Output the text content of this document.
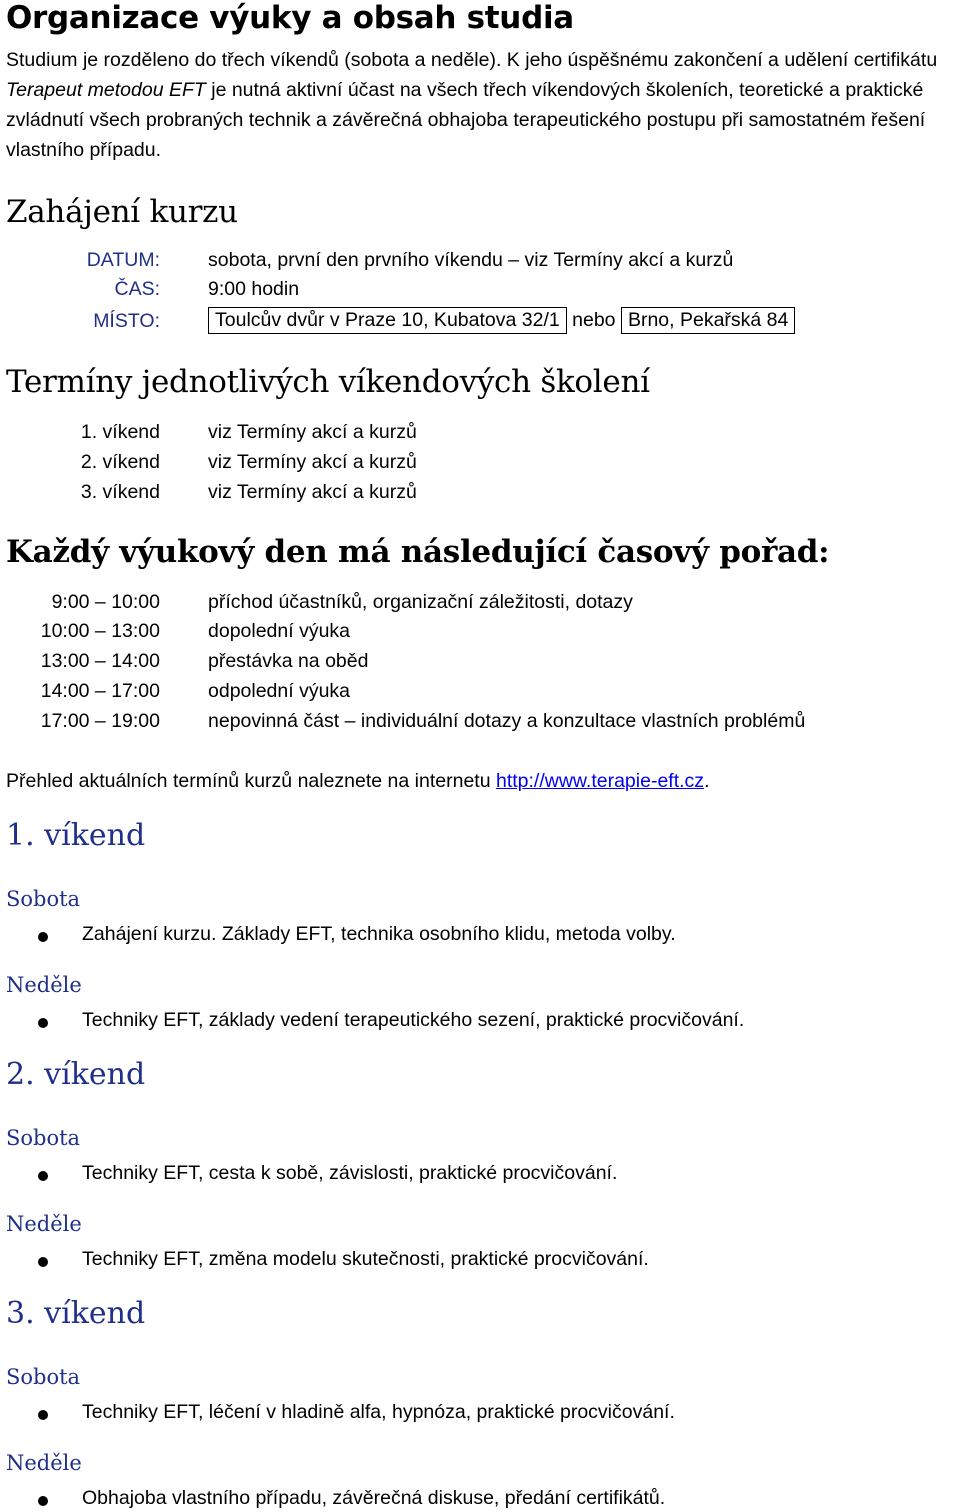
Organizace výuky a obsah studia
Studium je rozděleno do třech víkendů (sobota a neděle). K jeho úspěšnému zakončení a udělení certifikátu Terapeut metodou EFT je nutná aktivní účast na všech třech víkendových školeních, teoretické a praktické zvládnutí všech probraných technik a závěrečná obhajoba terapeutického postupu při samostatném řešení vlastního případu.
Zahájení kurzu
DATUM: sobota, první den prvního víkendu – viz Termíny akcí a kurzů
ČAS: 9:00 hodin
MÍSTO:	Toulcův dvůr v Praze 10, Kubatova 32/1 nebo Brno, Pekařská 84
Termíny jednotlivých víkendových školení
1. víkend viz Termíny akcí a kurzů
2. víkend viz Termíny akcí a kurzů
3. víkend viz Termíny akcí a kurzů
Každý výukový den má následující časový pořad:
9:00 – 10:00 příchod účastníků, organizační záležitosti, dotazy
10:00 – 13:00 dopolední výuka
13:00 – 14:00 přestávka na oběd
14:00 – 17:00 odpolední výuka
17:00 – 19:00 nepovinná část – individuální dotazy a konzultace vlastních problémů
Přehled aktuálních termínů kurzů naleznete na internetu http://www.terapie-eft.cz.
1. víkend
Sobota
Zahájení kurzu. Základy EFT, technika osobního klidu, metoda volby.
Neděle
Techniky EFT, základy vedení terapeutického sezení, praktické procvičování.
2. víkend
Sobota
Techniky EFT, cesta k sobě, závislosti, praktické procvičování.
Neděle
Techniky EFT, změna modelu skutečnosti, praktické procvičování.
3. víkend
Sobota
Techniky EFT, léčení v hladině alfa, hypnóza, praktické procvičování.
Neděle
Obhajoba vlastního případu, závěrečná diskuse, předání certifikátů.
